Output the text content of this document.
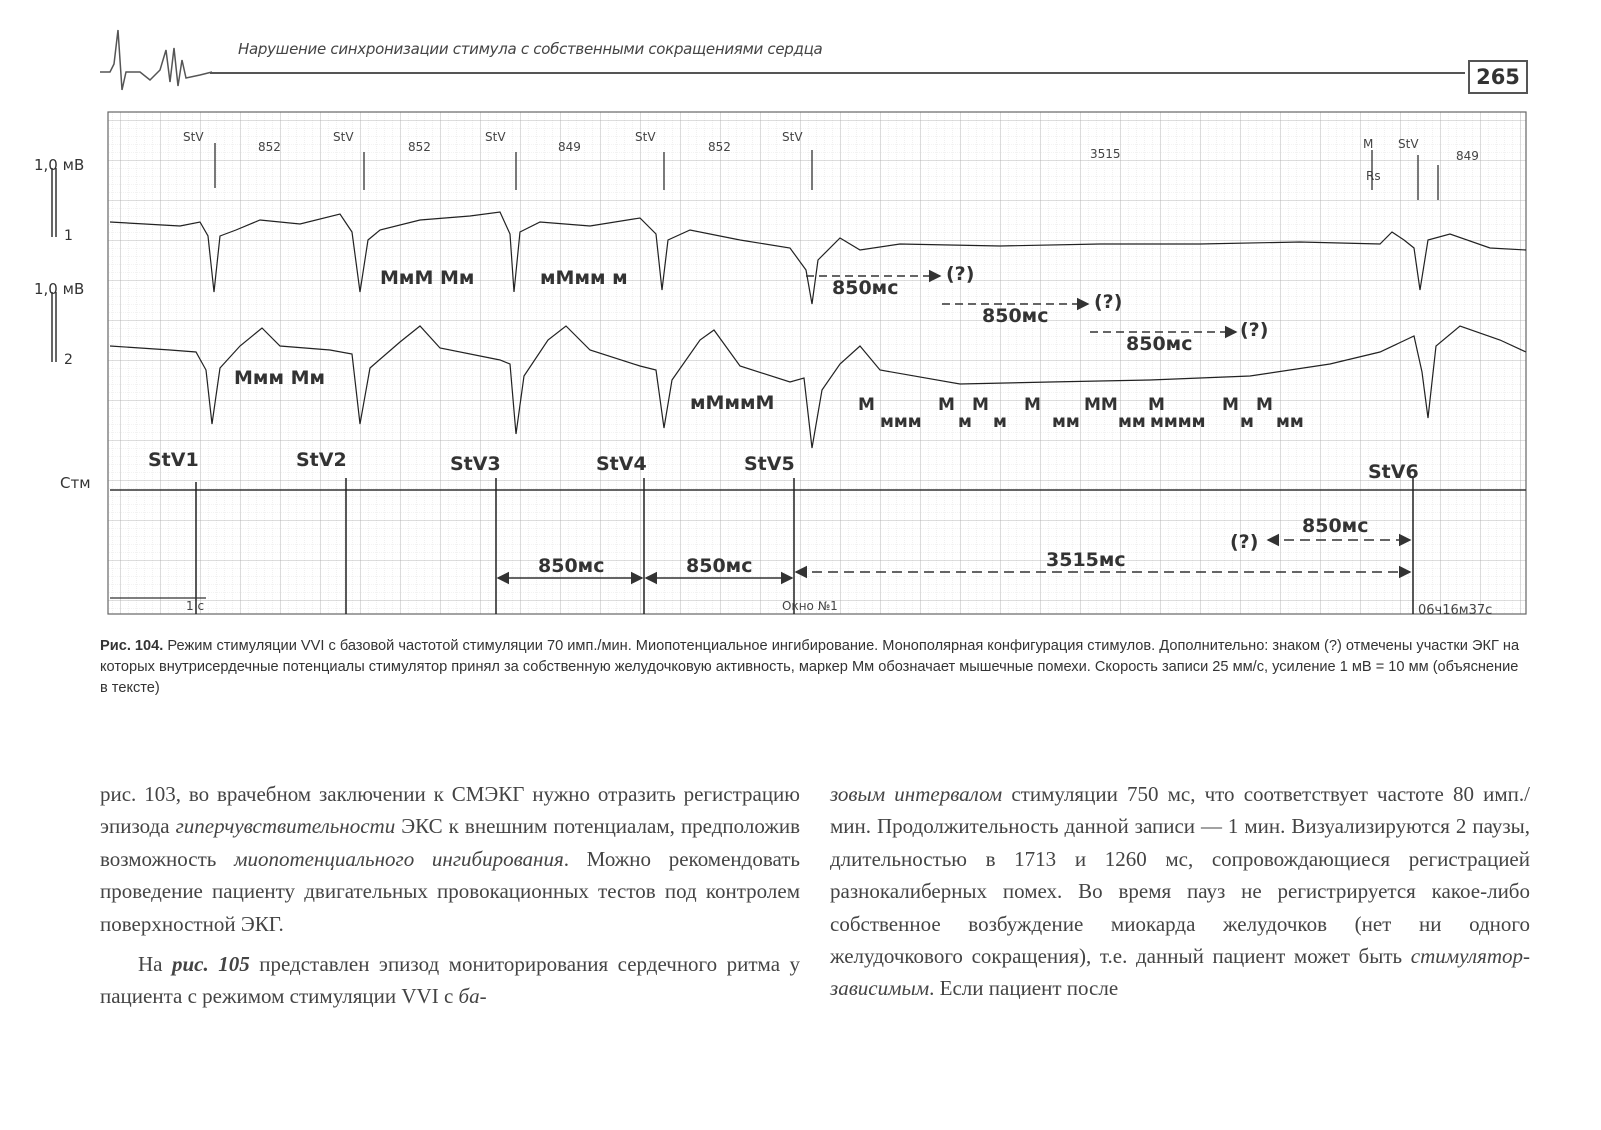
Нарушение синхронизации стимула с собственными сокращениями сердца
265
1,0 мВ
1
1,0 мВ
2
Стм
StV
852
StV
852
StV
849
StV
852
StV
3515
M
Rs
StV
849
МмМ Мм	мМмм м
Ммм Мм
мМммМ	M
ммм
M
м
M
м
M
мм
MM M
мм мммм
M
м
M
мм
850мс
(?)
850мс
(?)
850мс
(?)
StV1	StV2	StV3	StV4	StV5	StV6
850мс	850мс	3515мс
(?)
850мс
1 с	Окно №1	06ч16м37с
Рис. 104. Режим стимуляции VVI с базовой частотой стимуляции 70 имп./мин. Миопотенциальное ингибирование. Монополярная конфигурация стимулов. Дополнительно: знаком (?) отмечены участки ЭКГ на которых внутрисердечные потенциалы стимулятор принял за собственную желудочковую активность, маркер Мм обозначает мышечные помехи. Скорость записи 25 мм/с, усиление 1 мВ = 10 мм (объяснение в тексте)

рис. 103, во врачебном заключении к СМЭКГ нужно отразить регистрацию эпизода гиперчувствительности ЭКС к внешним потенциалам, предположив возможность миопотенциального ингибирования. Можно рекомендовать проведение пациенту двигательных провокационных тестов под контролем поверхностной ЭКГ.

На рис. 105 представлен эпизод мониторирования сердечного ритма у пациента с режимом стимуляции VVI с ба-

зовым интервалом стимуляции 750 мс, что соответствует частоте 80 имп./мин. Продолжительность данной записи — 1 мин. Визуализируются 2 паузы, длительностью в 1713 и 1260 мс, сопровождающиеся регистрацией разнокалиберных помех. Во время пауз не регистрируется какое-либо собственное возбуждение миокарда желудочков (нет ни одного желудочкового сокращения), т.е. данный пациент может быть стимулятор-зависимым. Если пациент после
